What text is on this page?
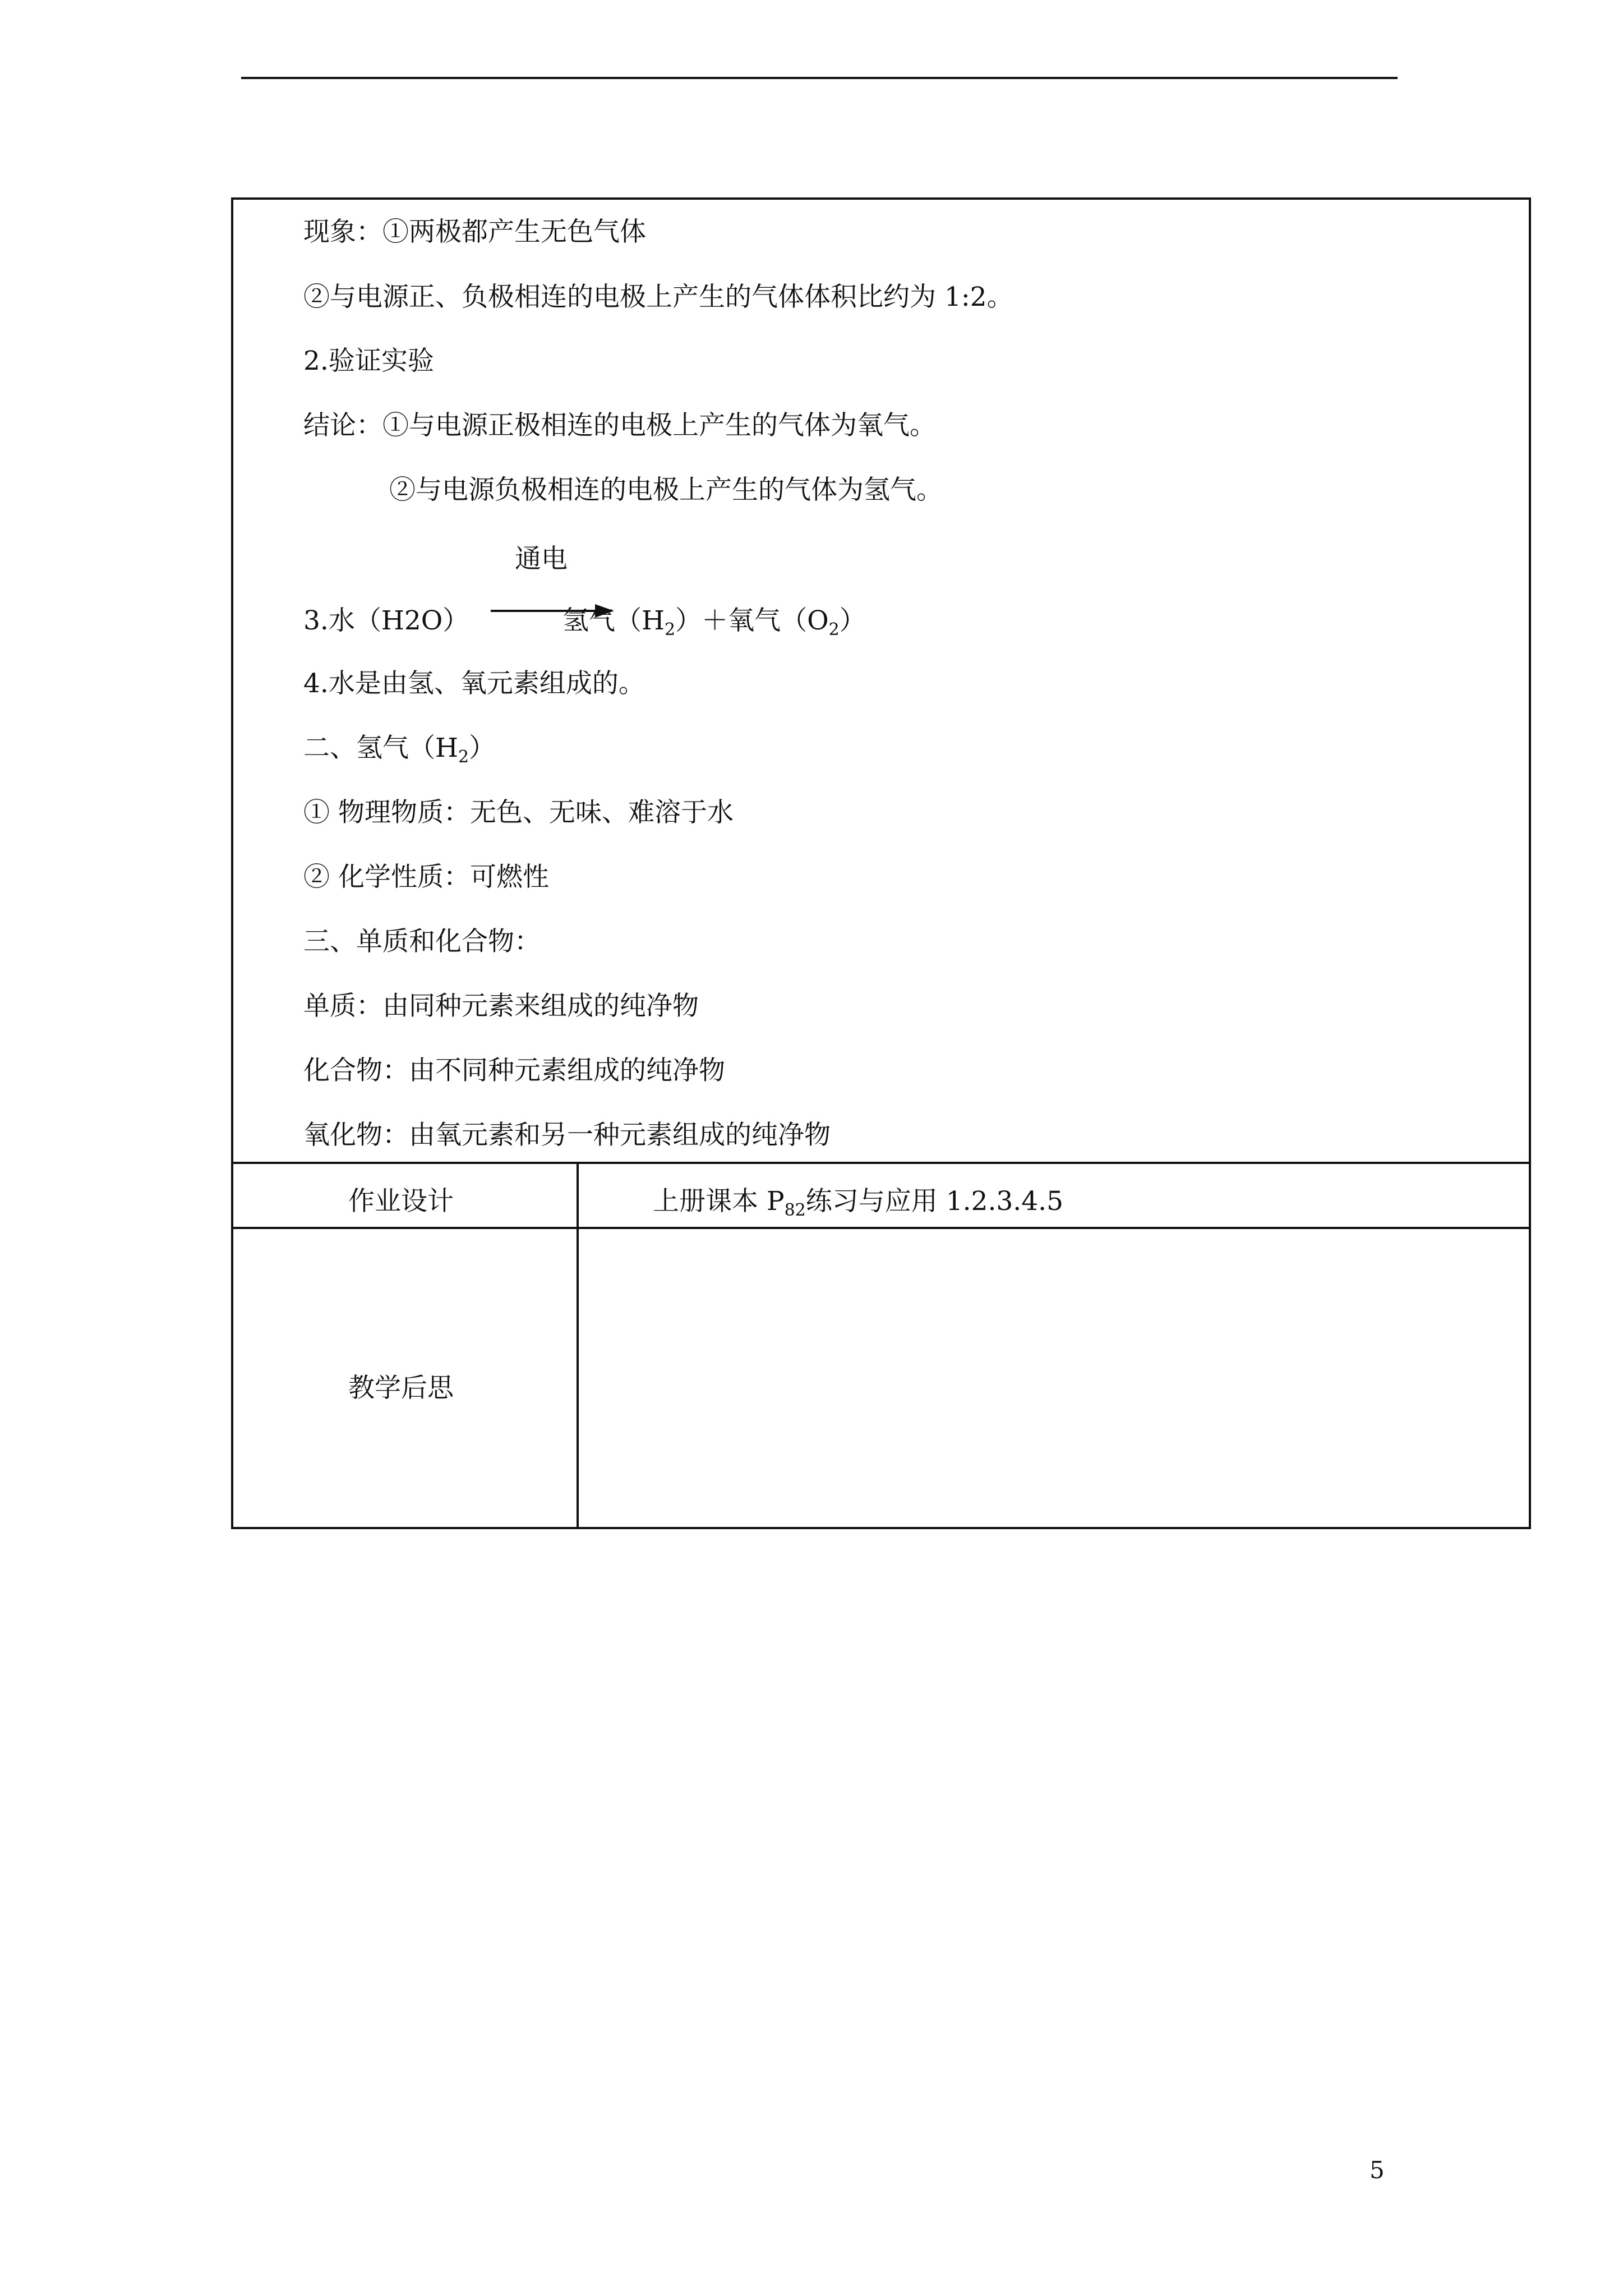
现象：①两极都产生无色气体
②与电源正、负极相连的电极上产生的气体体积比约为 1:2。
2.验证实验
结论：①与电源正极相连的电极上产生的气体为氧气。
②与电源负极相连的电极上产生的气体为氢气。
通电
3.水（H2O）	氢气$(H_2)+$氧气$(O_2)$
4.水是由氢、氧元素组成的。
二、氢气$(H_2)$
① 物理物质：无色、无味、难溶于水
② 化学性质：可燃性
三、单质和化合物：
单质：由同种元素来组成的纯净物
化合物：由不同种元素组成的纯净物
氧化物：由氧元素和另一种元素组成的纯净物
作业设计	上册课本 $P_{82}$练习与应用 1.2.3.4.5
教学后思
5
